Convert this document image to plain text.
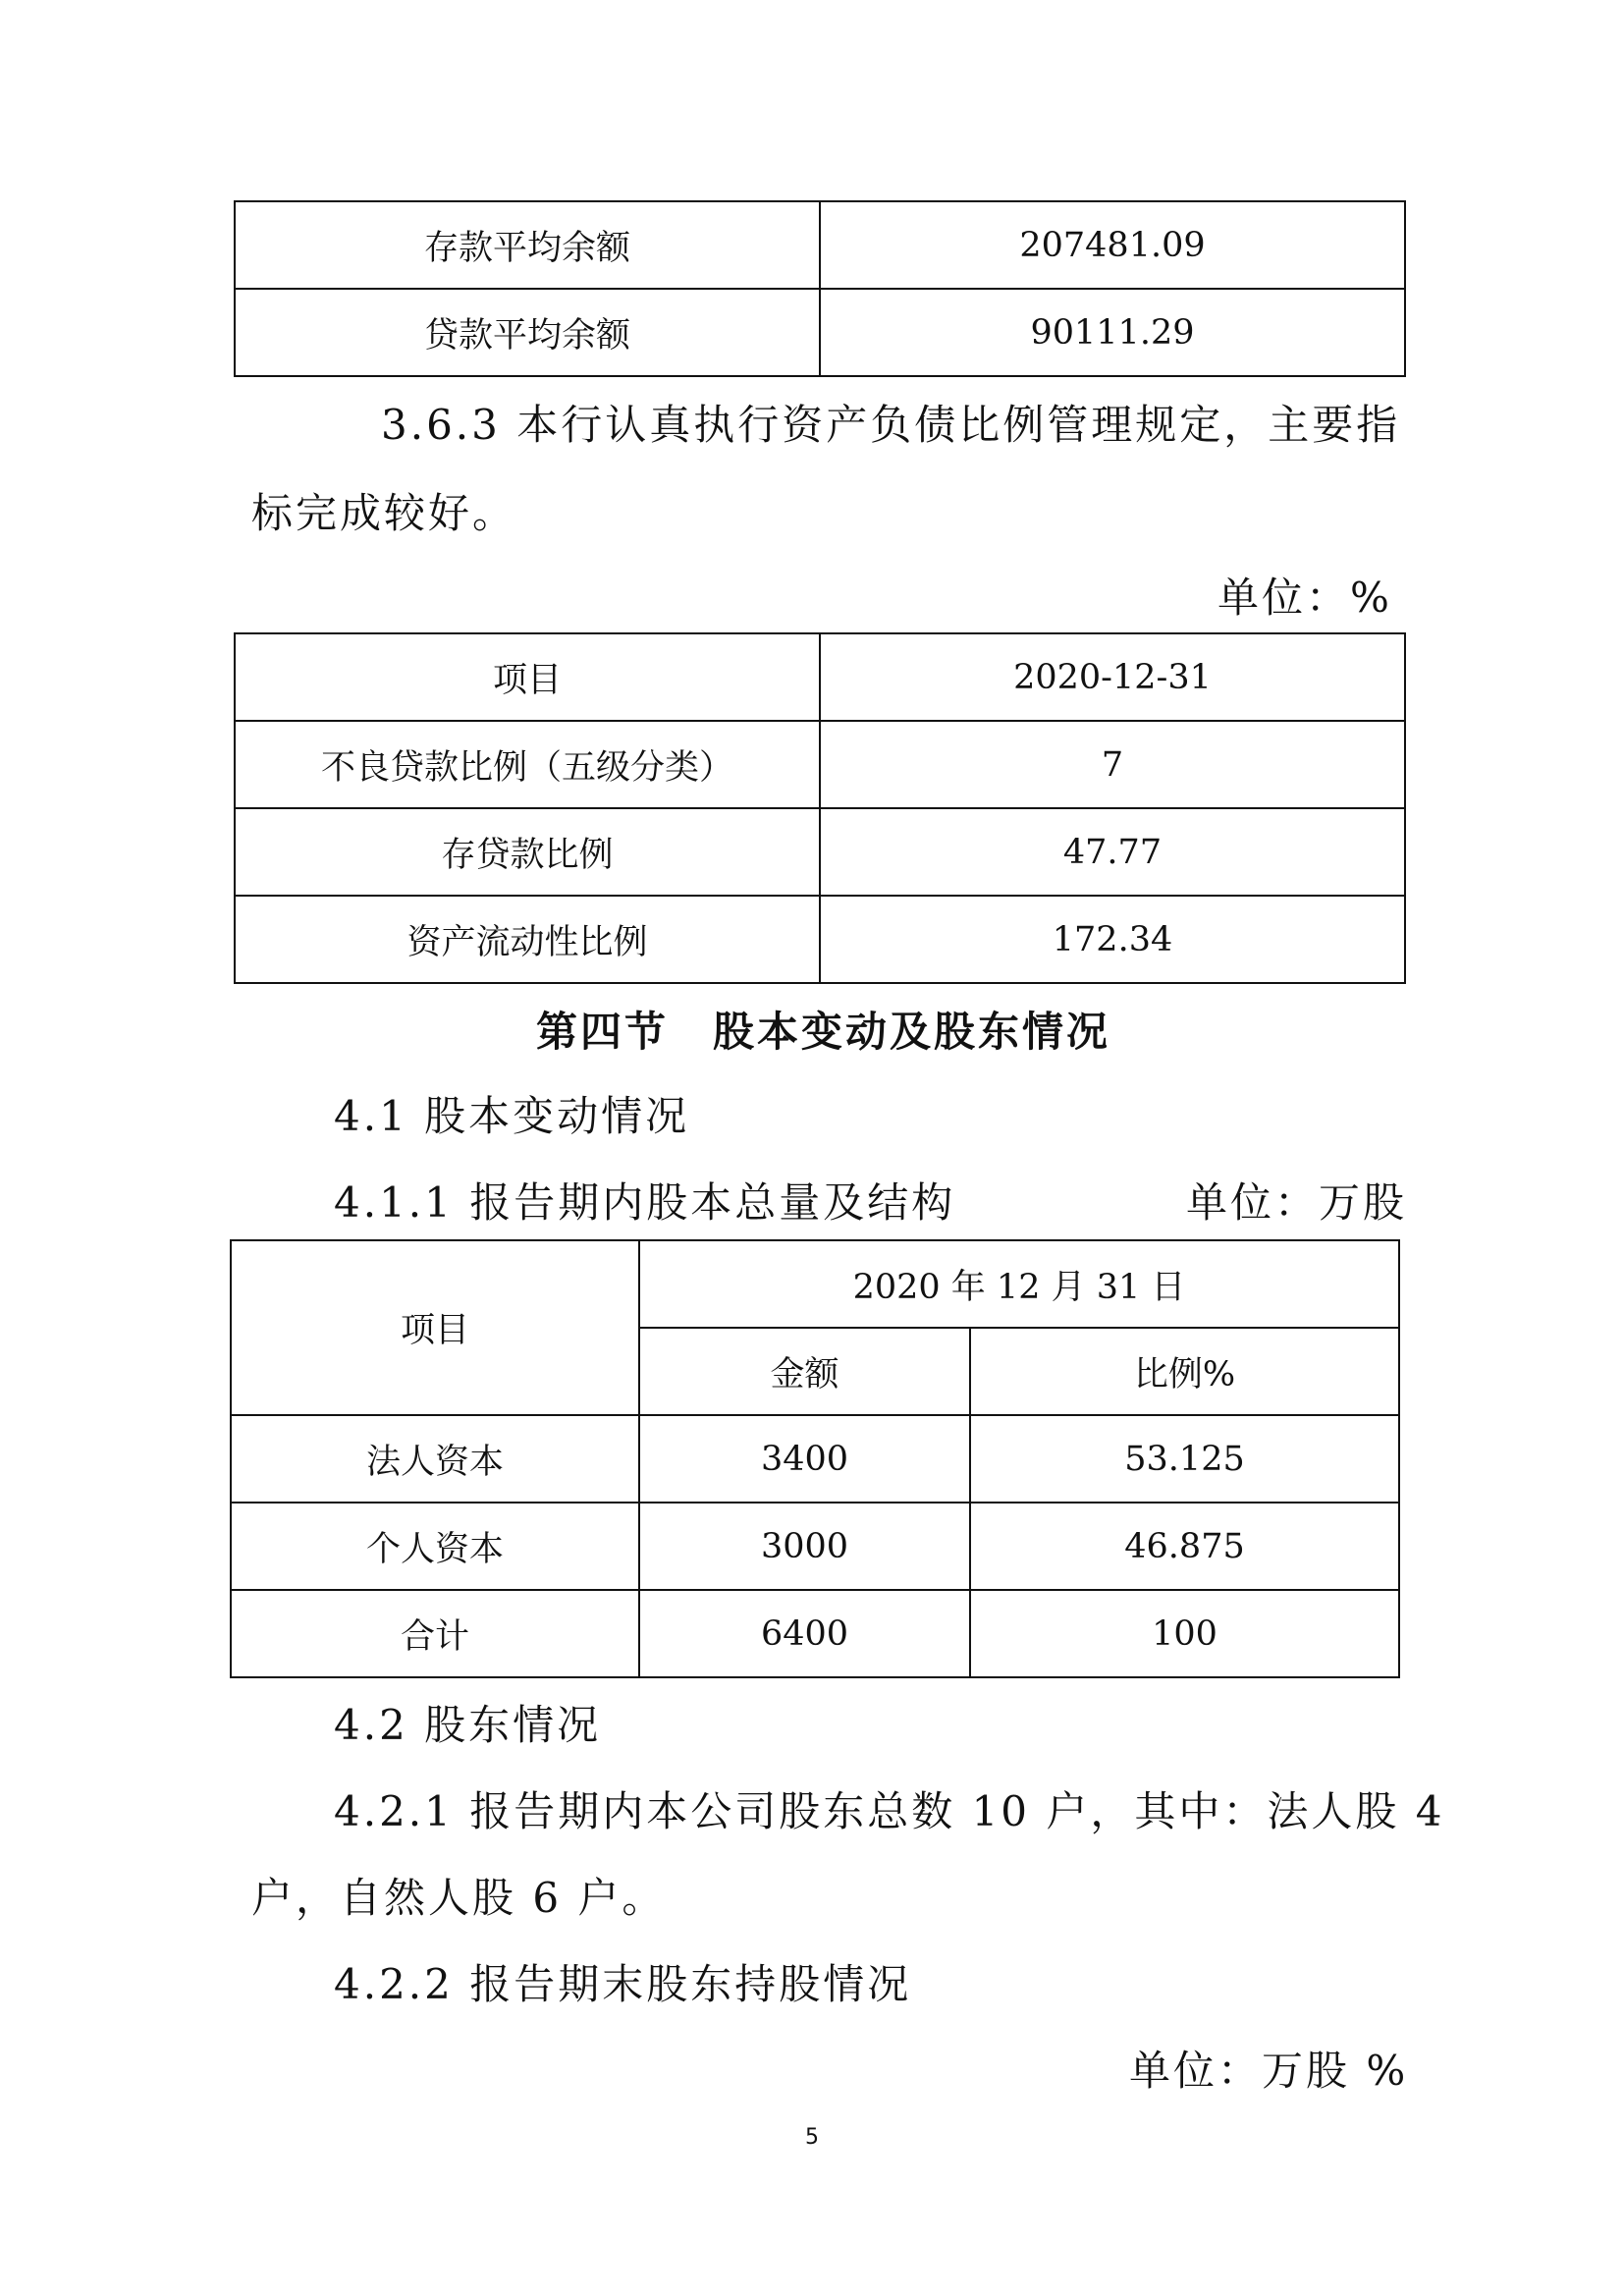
存款平均余额	207481.09
贷款平均余额	90111.29
3.6.3 本行认真执行资产负债比例管理规定，主要指
标完成较好。
单位：%
项目	2020-12-31
不良贷款比例（五级分类）	7
存贷款比例	47.77
资产流动性比例	172.34
第四节　股本变动及股东情况
4.1 股本变动情况
4.1.1 报告期内股本总量及结构	单位：万股
项目	2020 年 12 月 31 日	
	金额	比例%
法人资本	3400	53.125
个人资本	3000	46.875
合计	6400	100
4.2 股东情况
4.2.1 报告期内本公司股东总数 10 户，其中：法人股 4
户，自然人股 6 户。
4.2.2 报告期末股东持股情况
单位：万股 %
5
